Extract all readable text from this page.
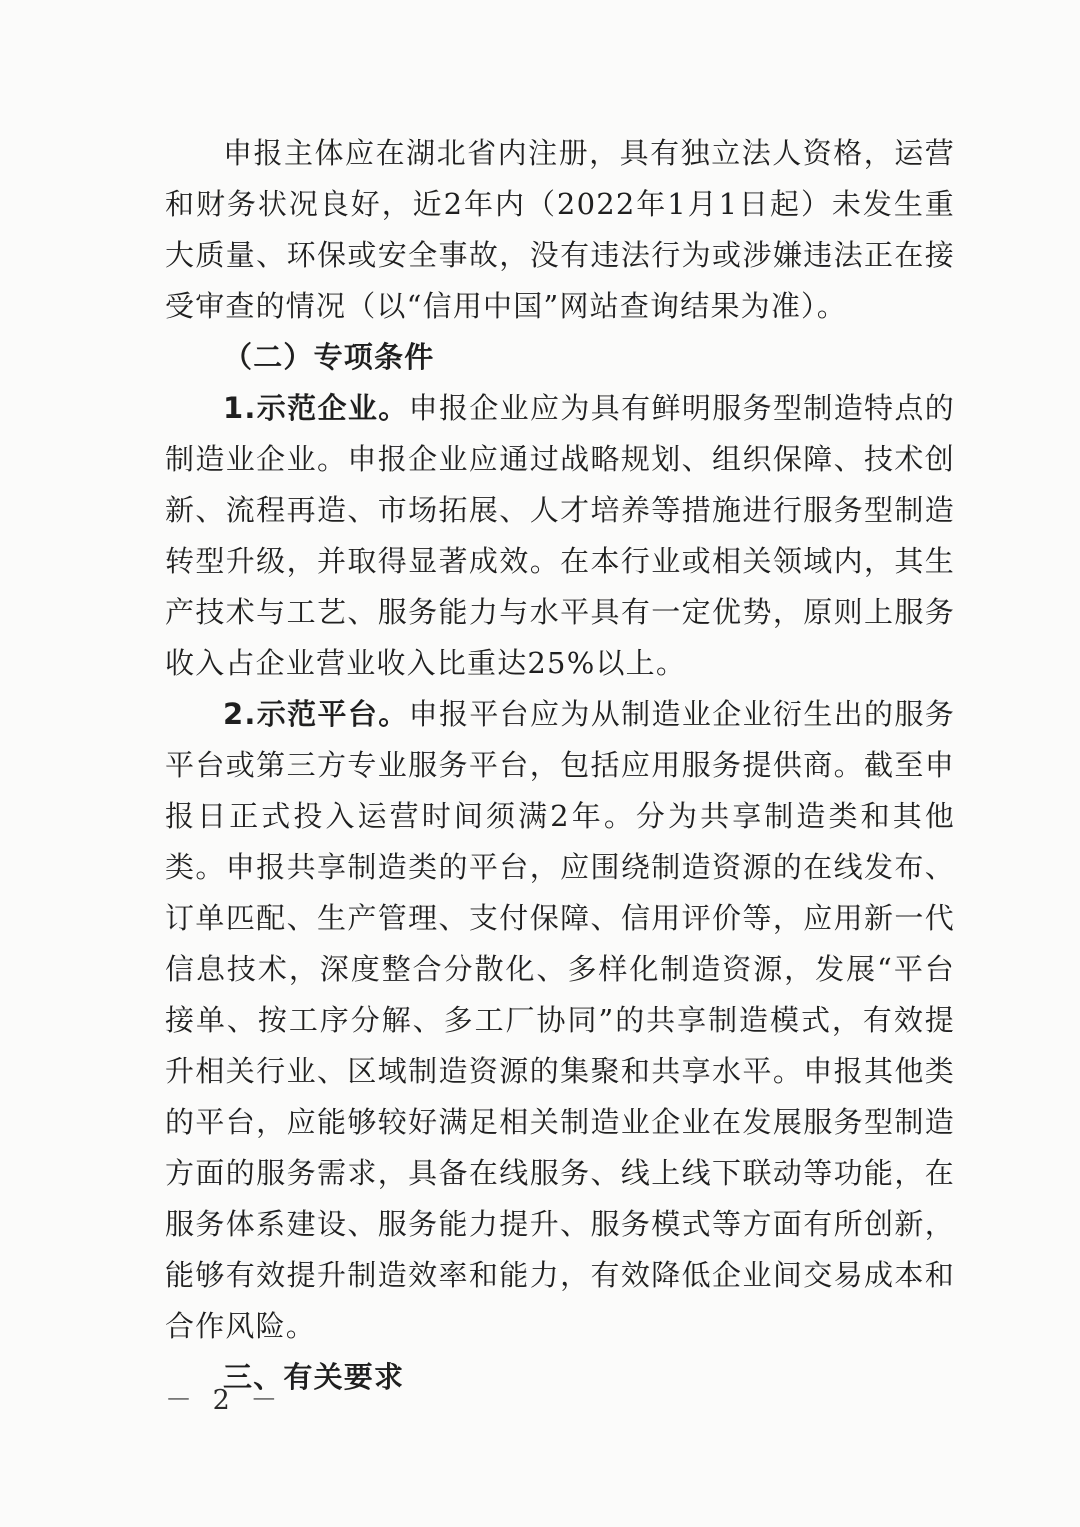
申报主体应在湖北省内注册，具有独立法人资格，运营和财务状况良好，近2年内（2022年1月1日起）未发生重大质量、环保或安全事故，没有违法行为或涉嫌违法正在接受审查的情况（以“信用中国”网站查询结果为准）。

（二）专项条件

1.示范企业。申报企业应为具有鲜明服务型制造特点的制造业企业。申报企业应通过战略规划、组织保障、技术创新、流程再造、市场拓展、人才培养等措施进行服务型制造转型升级，并取得显著成效。在本行业或相关领域内，其生产技术与工艺、服务能力与水平具有一定优势，原则上服务收入占企业营业收入比重达25%以上。

2.示范平台。申报平台应为从制造业企业衍生出的服务平台或第三方专业服务平台，包括应用服务提供商。截至申报日正式投入运营时间须满2年。分为共享制造类和其他类。申报共享制造类的平台，应围绕制造资源的在线发布、订单匹配、生产管理、支付保障、信用评价等，应用新一代信息技术，深度整合分散化、多样化制造资源，发展“平台接单、按工序分解、多工厂协同”的共享制造模式，有效提升相关行业、区域制造资源的集聚和共享水平。申报其他类的平台，应能够较好满足相关制造业企业在发展服务型制造方面的服务需求，具备在线服务、线上线下联动等功能，在服务体系建设、服务能力提升、服务模式等方面有所创新，能够有效提升制造效率和能力，有效降低企业间交易成本和合作风险。

三、有关要求

－ 2 －
